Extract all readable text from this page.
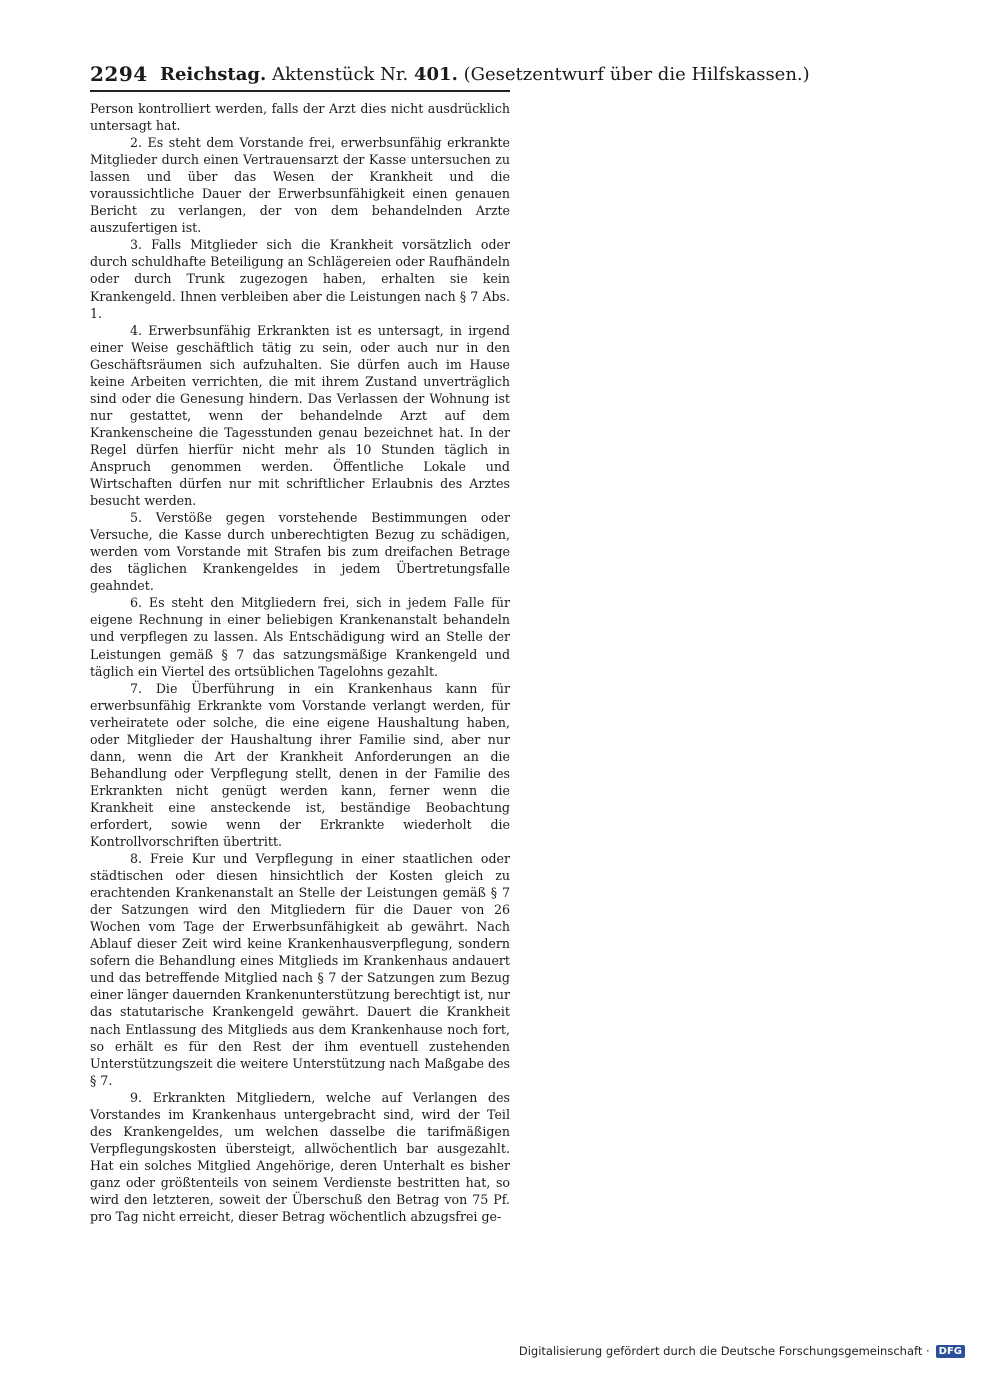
2294 Reichstag. Aktenstück Nr. 401. (Gesetzentwurf über die Hilfskassen.)

Person kontrolliert werden, falls der Arzt dies nicht ausdrücklich untersagt hat.

2. Es steht dem Vorstande frei, erwerbsunfähig erkrankte Mitglieder durch einen Vertrauensarzt der Kasse untersuchen zu lassen und über das Wesen der Krankheit und die voraussichtliche Dauer der Erwerbsunfähigkeit einen genauen Bericht zu verlangen, der von dem behandelnden Arzte auszufertigen ist.

3. Falls Mitglieder sich die Krankheit vorsätzlich oder durch schuldhafte Beteiligung an Schlägereien oder Raufhändeln oder durch Trunk zugezogen haben, erhalten sie kein Krankengeld. Ihnen verbleiben aber die Leistungen nach § 7 Abs. 1.

4. Erwerbsunfähig Erkrankten ist es untersagt, in irgend einer Weise geschäftlich tätig zu sein, oder auch nur in den Geschäftsräumen sich aufzuhalten. Sie dürfen auch im Hause keine Arbeiten verrichten, die mit ihrem Zustand unverträglich sind oder die Genesung hindern. Das Verlassen der Wohnung ist nur gestattet, wenn der behandelnde Arzt auf dem Krankenscheine die Tagesstunden genau bezeichnet hat. In der Regel dürfen hierfür nicht mehr als 10 Stunden täglich in Anspruch genommen werden. Öffentliche Lokale und Wirtschaften dürfen nur mit schriftlicher Erlaubnis des Arztes besucht werden.

5. Verstöße gegen vorstehende Bestimmungen oder Versuche, die Kasse durch unberechtigten Bezug zu schädigen, werden vom Vorstande mit Strafen bis zum dreifachen Betrage des täglichen Krankengeldes in jedem Übertretungsfalle geahndet.

6. Es steht den Mitgliedern frei, sich in jedem Falle für eigene Rechnung in einer beliebigen Krankenanstalt behandeln und verpflegen zu lassen. Als Entschädigung wird an Stelle der Leistungen gemäß § 7 das satzungsmäßige Krankengeld und täglich ein Viertel des ortsüblichen Tagelohns gezahlt.

7. Die Überführung in ein Krankenhaus kann für erwerbsunfähig Erkrankte vom Vorstande verlangt werden, für verheiratete oder solche, die eine eigene Haushaltung haben, oder Mitglieder der Haushaltung ihrer Familie sind, aber nur dann, wenn die Art der Krankheit Anforderungen an die Behandlung oder Verpflegung stellt, denen in der Familie des Erkrankten nicht genügt werden kann, ferner wenn die Krankheit eine ansteckende ist, beständige Beobachtung erfordert, sowie wenn der Erkrankte wiederholt die Kontrollvorschriften übertritt.

8. Freie Kur und Verpflegung in einer staatlichen oder städtischen oder diesen hinsichtlich der Kosten gleich zu erachtenden Krankenanstalt an Stelle der Leistungen gemäß § 7 der Satzungen wird den Mitgliedern für die Dauer von 26 Wochen vom Tage der Erwerbsunfähigkeit ab gewährt. Nach Ablauf dieser Zeit wird keine Krankenhausverpflegung, sondern sofern die Behandlung eines Mitglieds im Krankenhaus andauert und das betreffende Mitglied nach § 7 der Satzungen zum Bezug einer länger dauernden Krankenunterstützung berechtigt ist, nur das statutarische Krankengeld gewährt. Dauert die Krankheit nach Entlassung des Mitglieds aus dem Krankenhause noch fort, so erhält es für den Rest der ihm eventuell zustehenden Unterstützungszeit die weitere Unterstützung nach Maßgabe des § 7.

9. Erkrankten Mitgliedern, welche auf Verlangen des Vorstandes im Krankenhaus untergebracht sind, wird der Teil des Krankengeldes, um welchen dasselbe die tarifmäßigen Verpflegungskosten übersteigt, allwöchentlich bar ausgezahlt. Hat ein solches Mitglied Angehörige, deren Unterhalt es bisher ganz oder größtenteils von seinem Verdienste bestritten hat, so wird den letzteren, soweit der Überschuß den Betrag von 75 Pf. pro Tag nicht erreicht, dieser Betrag wöchentlich abzugsfrei ge-

Digitalisierung gefördert durch die Deutsche Forschungsgemeinschaft · DFG
